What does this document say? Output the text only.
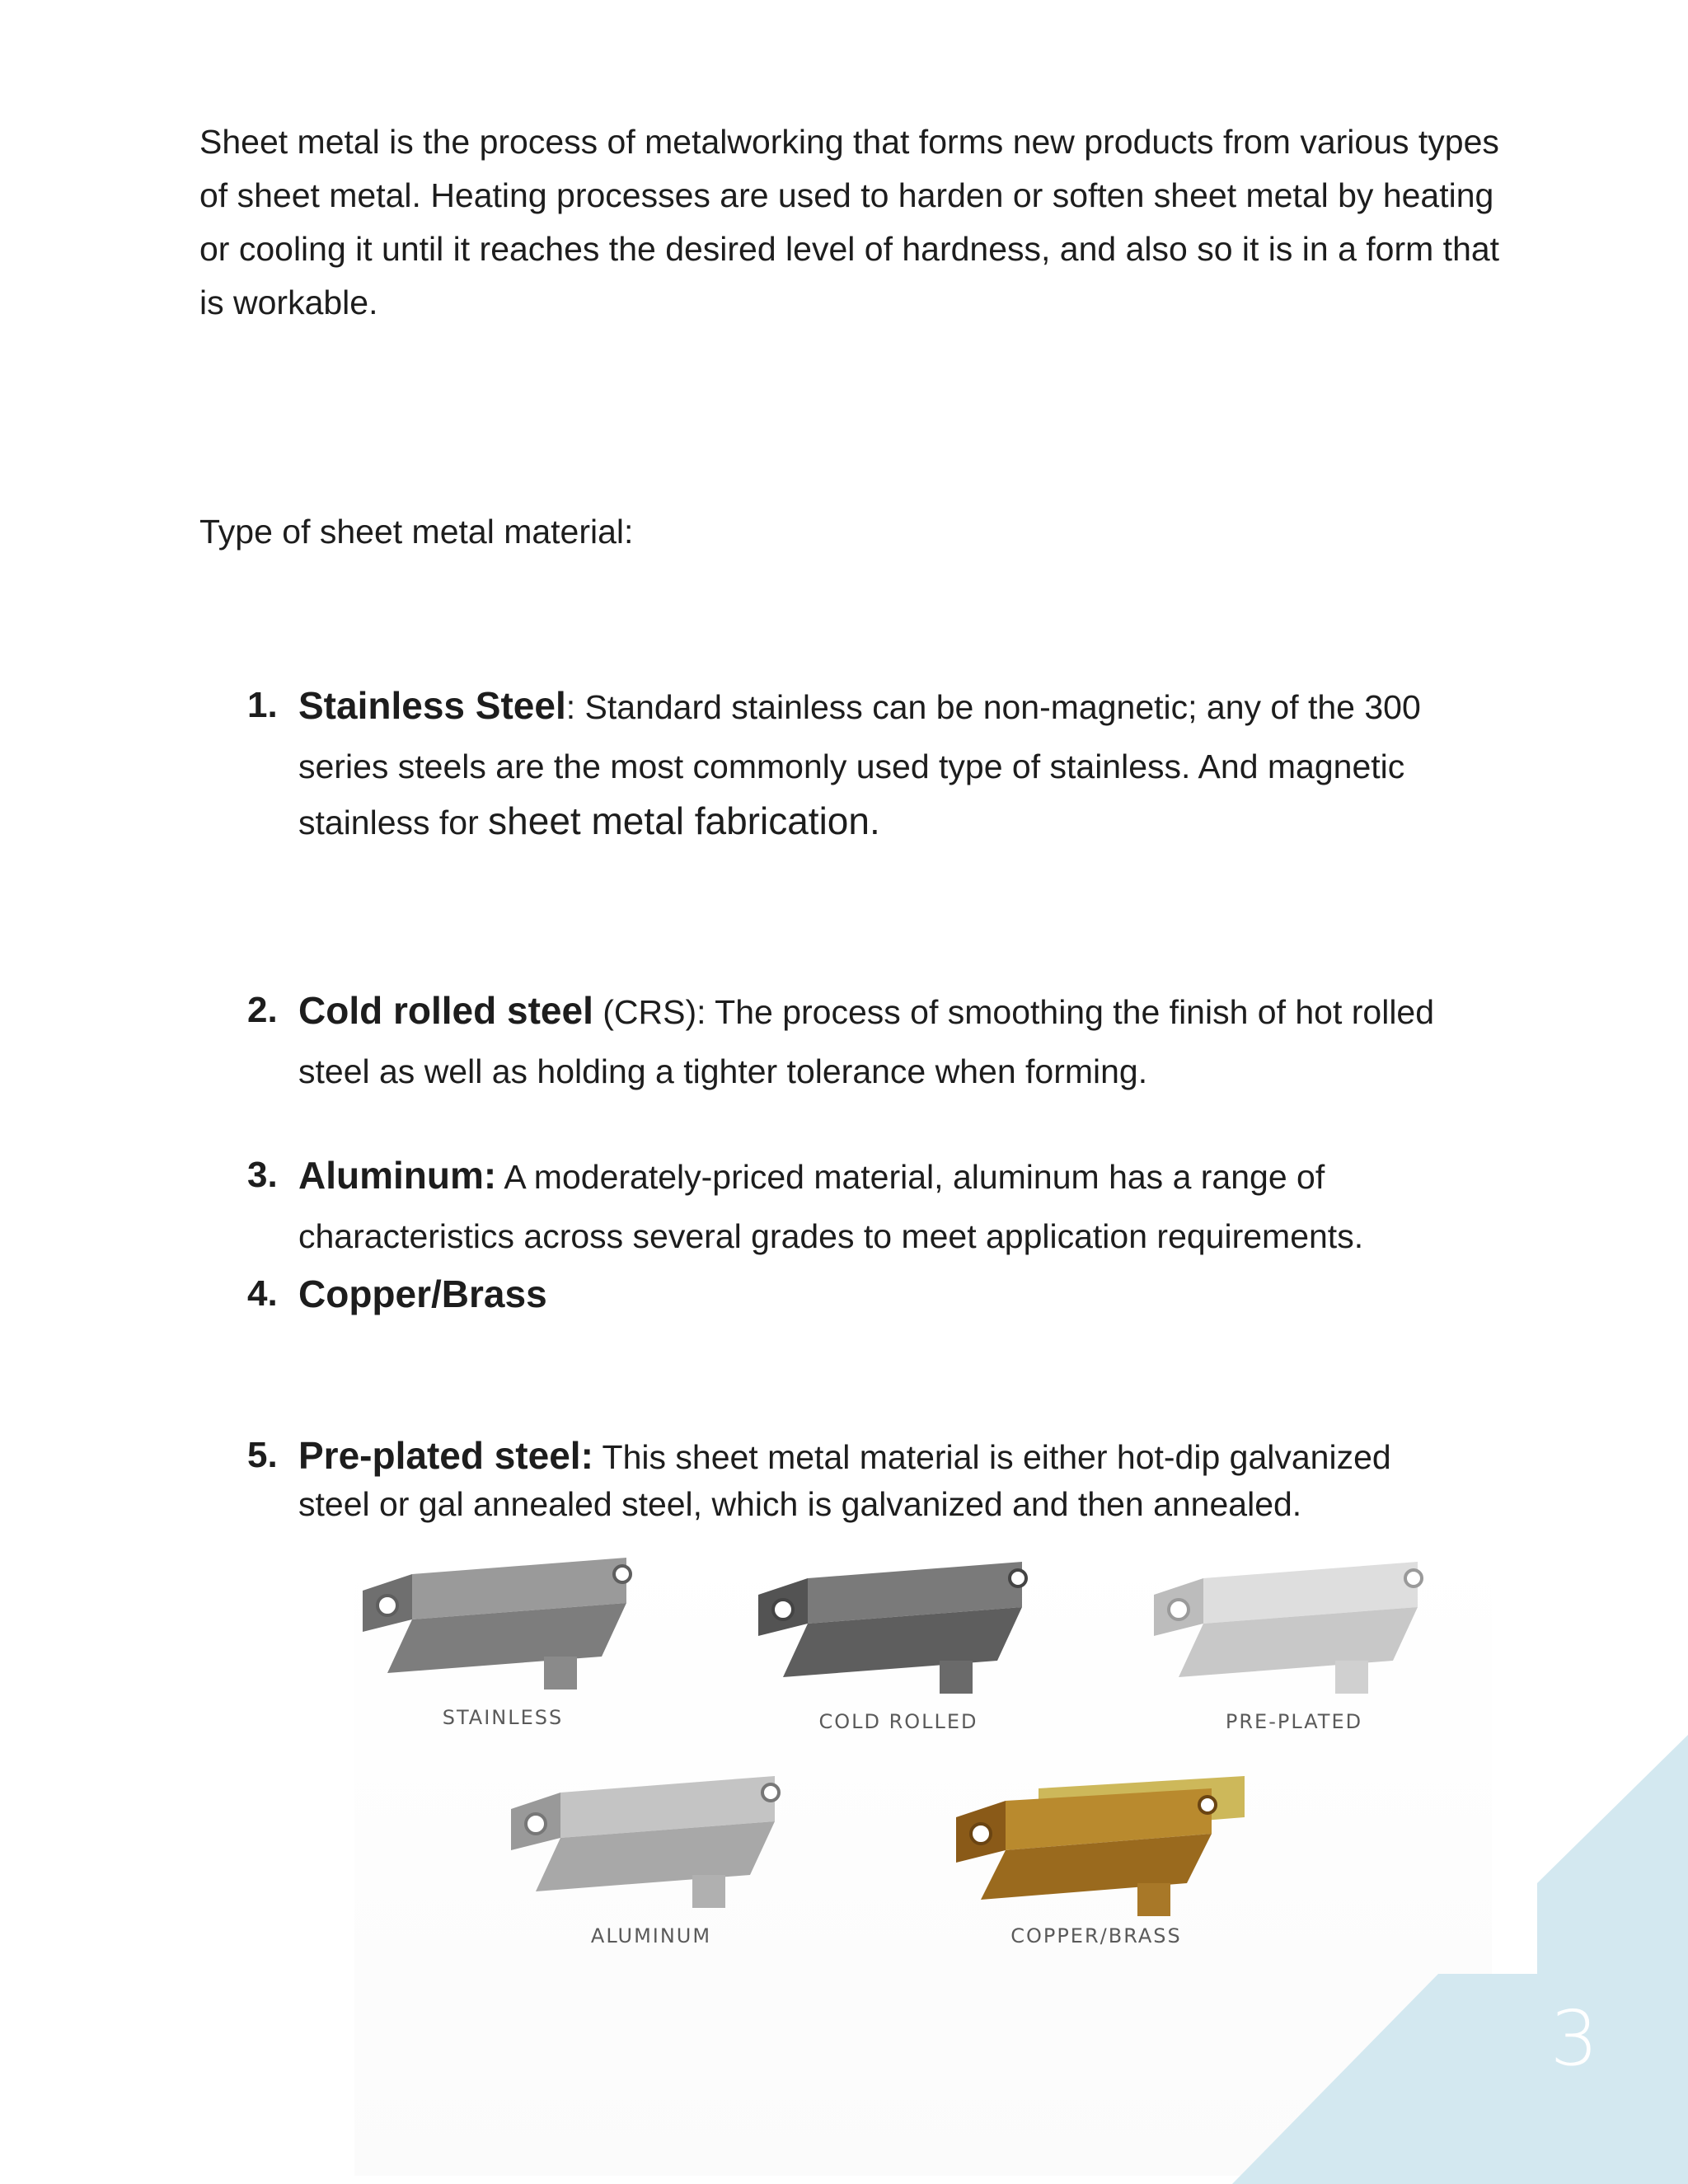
Sheet metal is the process of metalworking that forms new products from various types of sheet metal. Heating processes are used to harden or soften sheet metal by heating or cooling it until it reaches the desired level of hardness, and also so it is in a form that is workable.

Type of sheet metal material:

1. Stainless Steel: Standard stainless can be non-magnetic; any of the 300
series steels are the most commonly used type of stainless. And magnetic
stainless for sheet metal fabrication.
2. Cold rolled steel (CRS): The process of smoothing the finish of hot rolled
steel as well as holding a tighter tolerance when forming.
3. Aluminum: A moderately-priced material, aluminum has a range of
characteristics across several grades to meet application requirements.
4. Copper/Brass
5. Pre-plated steel: This sheet metal material is either hot-dip galvanized
steel or gal annealed steel, which is galvanized and then annealed.
STAINLESS	COLD ROLLED	PRE-PLATED
ALUMINUM	COPPER/BRASS
3
